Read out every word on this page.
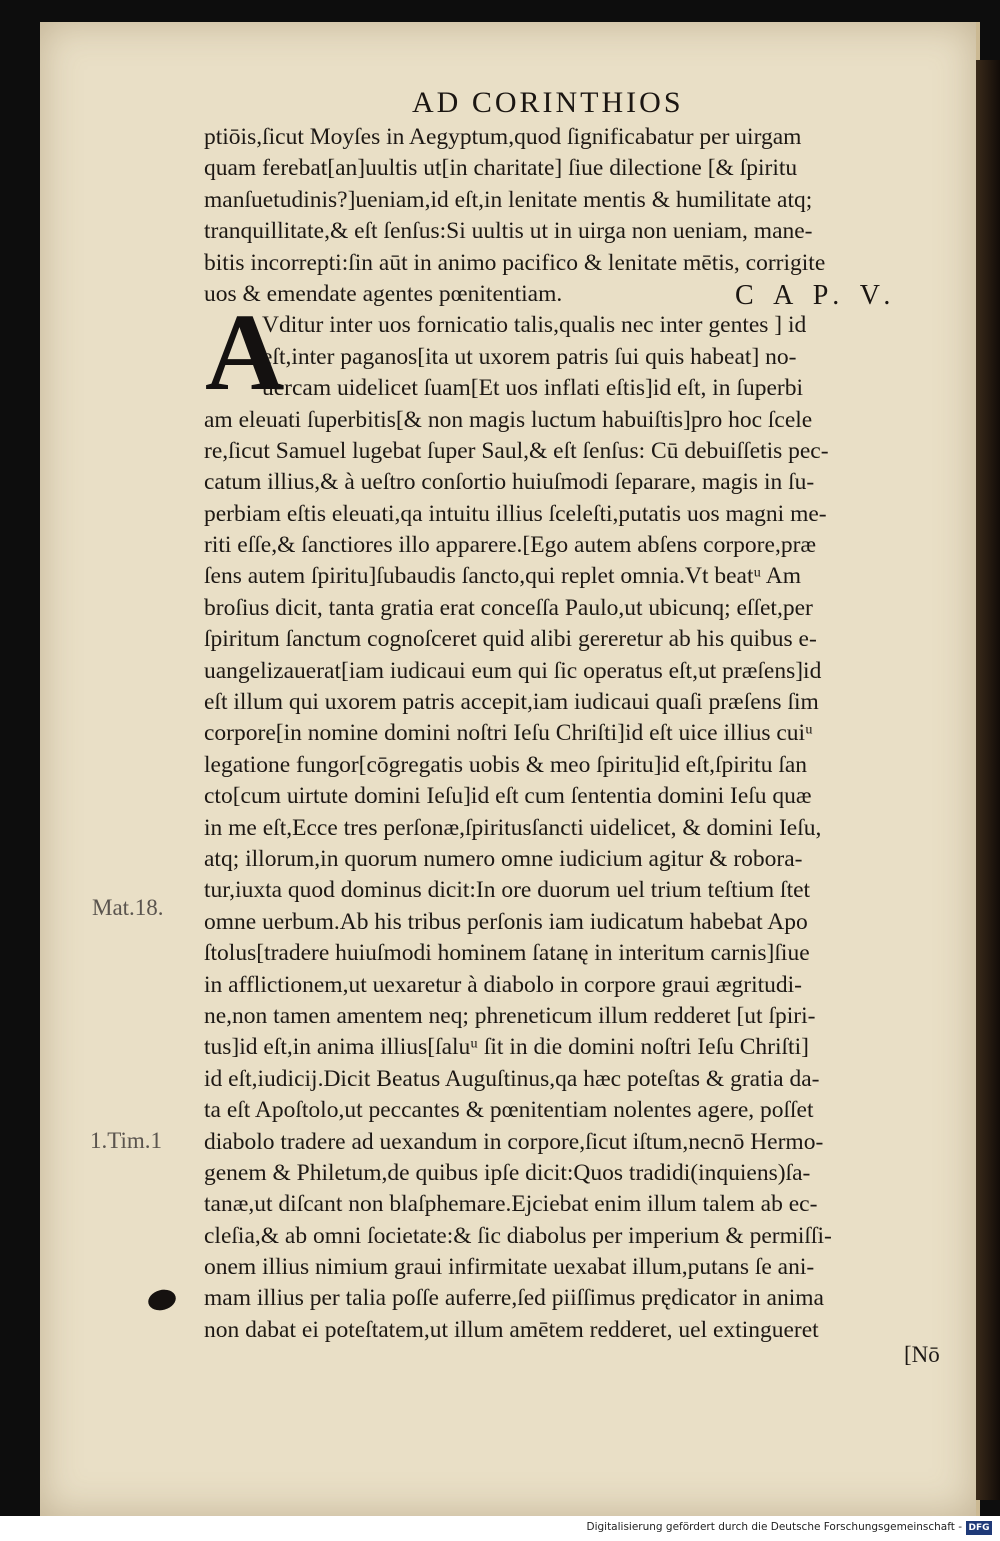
AD CORINTHIOS
ptiōis,ſicut Moyſes in Aegyptum,quod ſignificabatur per uirgam
quam ferebat[an]uultis ut[in charitate] ſiue dilectione [& ſpiritu
manſuetudinis?]ueniam,id eſt,in lenitate mentis & humilitate atq;
tranquillitate,& eſt ſenſus:Si uultis ut in uirga non ueniam, mane-
bitis incorrepti:ſin aūt in animo pacifico & lenitate mētis, corrigite
uos & emendate agentes pœnitentiam.
Vditur inter uos fornicatio talis,qualis nec inter gentes ] id
eſt,inter paganos[ita ut uxorem patris ſui quis habeat] no-
uercam uidelicet ſuam[Et uos inflati eſtis]id eſt, in ſuperbi
am eleuati ſuperbitis[& non magis luctum habuiſtis]pro hoc ſcele
re,ſicut Samuel lugebat ſuper Saul,& eſt ſenſus: Cū debuiſſetis pec-
catum illius,& à ueſtro conſortio huiuſmodi ſeparare, magis in ſu-
perbiam eſtis eleuati,qa intuitu illius ſceleſti,putatis uos magni me-
riti eſſe,& ſanctiores illo apparere.[Ego autem abſens corpore,præ
ſens autem ſpiritu]ſubaudis ſancto,qui replet omnia.Vt beatᵘ Am
broſius dicit, tanta gratia erat conceſſa Paulo,ut ubicunq; eſſet,per
ſpiritum ſanctum cognoſceret quid alibi gereretur ab his quibus e-
uangelizauerat[iam iudicaui eum qui ſic operatus eſt,ut præſens]id
eſt illum qui uxorem patris accepit,iam iudicaui quaſi præſens ſim
corpore[in nomine domini noſtri Ieſu Chriſti]id eſt uice illius cuiᵘ
legatione fungor[cōgregatis uobis & meo ſpiritu]id eſt,ſpiritu ſan
cto[cum uirtute domini Ieſu]id eſt cum ſententia domini Ieſu quæ
in me eſt,Ecce tres perſonæ,ſpiritusſancti uidelicet, & domini Ieſu,
atq; illorum,in quorum numero omne iudicium agitur & robora-
tur,iuxta quod dominus dicit:In ore duorum uel trium teſtium ſtet
omne uerbum.Ab his tribus perſonis iam iudicatum habebat Apo
ſtolus[tradere huiuſmodi hominem ſatanę in interitum carnis]ſiue
in afflictionem,ut uexaretur à diabolo in corpore graui ægritudi-
ne,non tamen amentem neq; phreneticum illum redderet [ut ſpiri-
tus]id eſt,in anima illius[ſaluᵘ ſit in die domini noſtri Ieſu Chriſti]
id eſt,iudicij.Dicit Beatus Auguſtinus,qa hæc poteſtas & gratia da-
ta eſt Apoſtolo,ut peccantes & pœnitentiam nolentes agere, poſſet
diabolo tradere ad uexandum in corpore,ſicut iſtum,necnō Hermo-
genem & Philetum,de quibus ipſe dicit:Quos tradidi(inquiens)ſa-
tanæ,ut diſcant non blaſphemare.Ejciebat enim illum talem ab ec-
cleſia,& ab omni ſocietate:& ſic diabolus per imperium & permiſſi-
onem illius nimium graui infirmitate uexabat illum,putans ſe ani-
mam illius per talia poſſe auferre,ſed piiſſimus prędicator in anima
non dabat ei poteſtatem,ut illum amētem redderet, uel extingueret
C A P. V.
A
Mat.18.
1.Tim.1
[Nō
Digitalisierung gefördert durch die Deutsche Forschungsgemeinschaft - DFG
